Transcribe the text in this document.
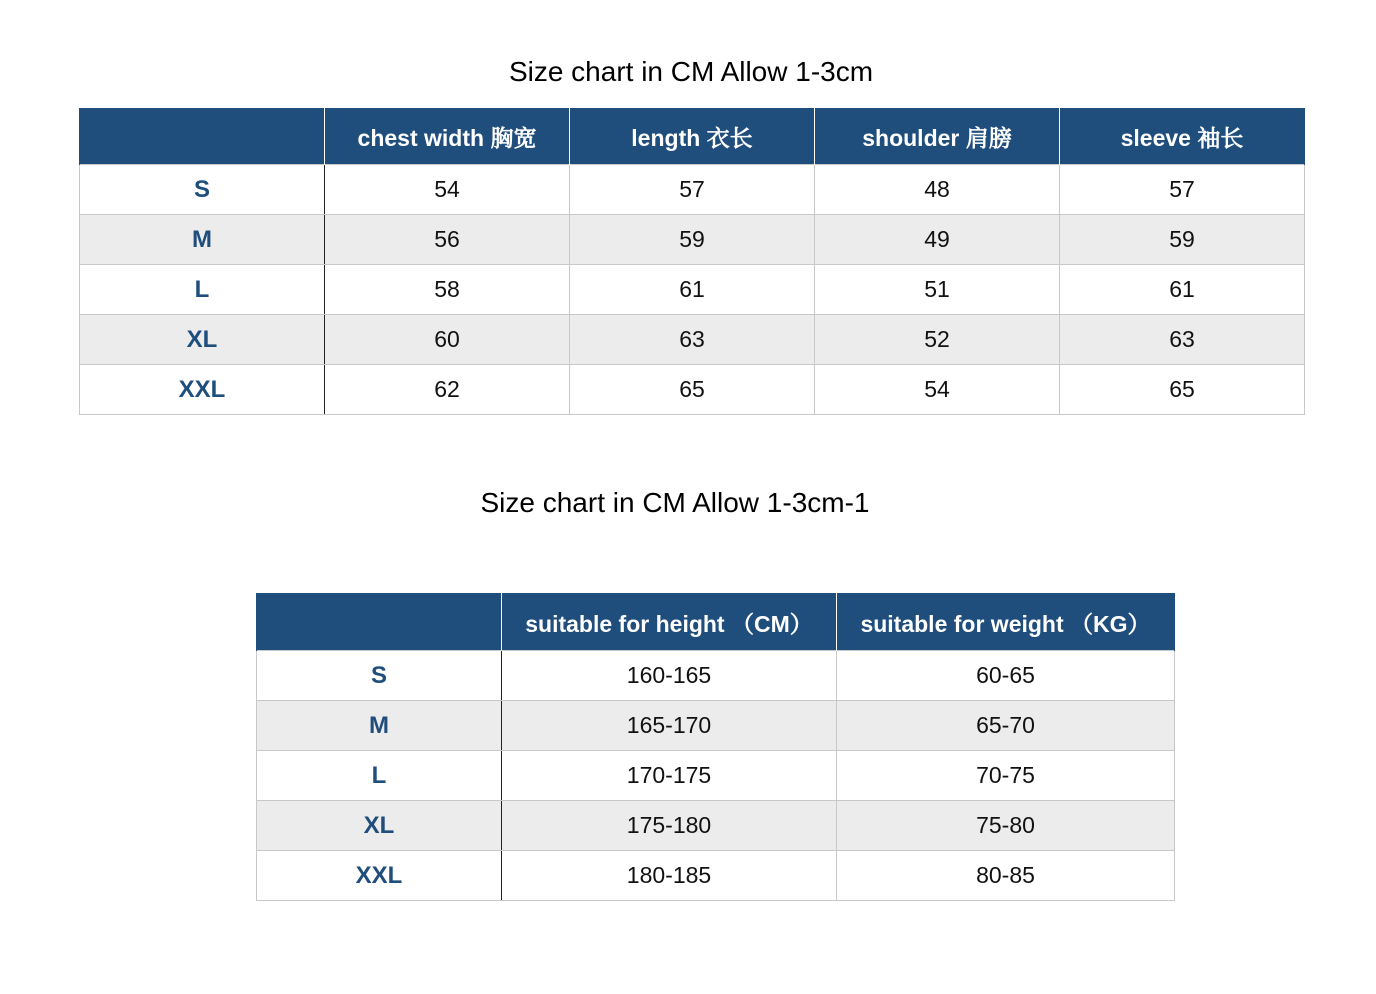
Size chart in CM Allow 1-3cm
	chest width 胸宽	length 衣长	shoulder 肩膀	sleeve 袖长
S	54	57	48	57
M	56	59	49	59
L	58	61	51	61
XL	60	63	52	63
XXL	62	65	54	65
Size chart in CM Allow 1-3cm-1
	suitable for height （CM）	suitable for weight （KG）
S	160-165	60-65
M	165-170	65-70
L	170-175	70-75
XL	175-180	75-80
XXL	180-185	80-85
